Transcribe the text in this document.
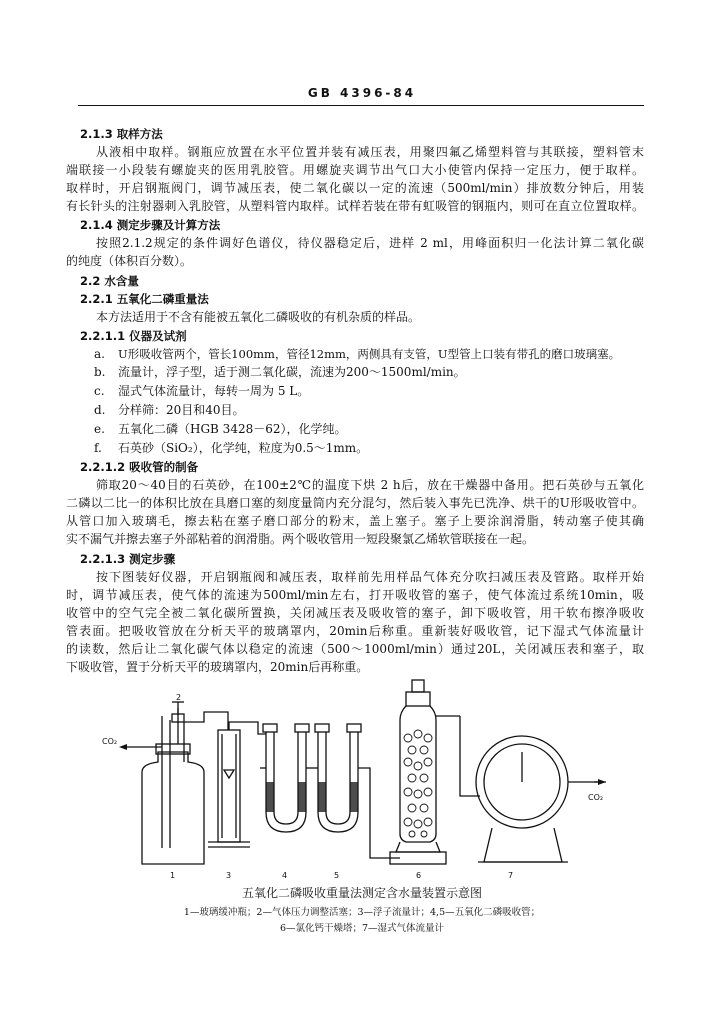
GB 4396-84
2.1.3 取样方法
从液相中取样。钢瓶应放置在水平位置并装有减压表，用聚四氟乙烯塑料管与其联接，塑料管末
端联接一小段装有螺旋夹的医用乳胶管。用螺旋夹调节出气口大小使管内保持一定压力，便于取样。
取样时，开启钢瓶阀门，调节减压表，使二氧化碳以一定的流速（500ml/min）排放数分钟后，用装
有长针头的注射器刺入乳胶管，从塑料管内取样。试样若装在带有虹吸管的钢瓶内，则可在直立位置取样。
2.1.4 测定步骤及计算方法
按照2.1.2规定的条件调好色谱仪，待仪器稳定后，进样 2 ml，用峰面积归一化法计算二氧化碳
的纯度（体积百分数）。
2.2 水含量
2.2.1 五氧化二磷重量法
本方法适用于不含有能被五氧化二磷吸收的有机杂质的样品。
2.2.1.1 仪器及试剂
a. U形吸收管两个，管长100mm，管径12mm，两侧具有支管，U型管上口装有带孔的磨口玻璃塞。
b. 流量计，浮子型，适于测二氧化碳，流速为200～1500ml/min。
c. 湿式气体流量计，每转一周为 5 L。
d. 分样筛：20目和40目。
e. 五氧化二磷（HGB 3428－62），化学纯。
f. 石英砂（SiO₂），化学纯，粒度为0.5～1mm。
2.2.1.2 吸收管的制备
筛取20～40目的石英砂，在100±2℃的温度下烘 2 h后，放在干燥器中备用。把石英砂与五氧化
二磷以二比一的体积比放在具磨口塞的刻度量筒内充分混匀，然后装入事先已洗净、烘干的U形吸收管中。
从管口加入玻璃毛，擦去粘在塞子磨口部分的粉末，盖上塞子。塞子上要涂润滑脂，转动塞子使其确
实不漏气并擦去塞子外部粘着的润滑脂。两个吸收管用一短段聚氯乙烯软管联接在一起。
2.2.1.3 测定步骤
按下图装好仪器，开启钢瓶阀和减压表，取样前先用样品气体充分吹扫减压表及管路。取样开始
时，调节减压表，使气体的流速为500ml/min左右，打开吸收管的塞子，使气体流过系统10min，吸
收管中的空气完全被二氧化碳所置换，关闭减压表及吸收管的塞子，卸下吸收管，用干软布擦净吸收
管表面。把吸收管放在分析天平的玻璃罩内，20min后称重。重新装好吸收管，记下湿式气体流量计
的读数，然后让二氧化碳气体以稳定的流速（500～1000ml/min）通过20L，关闭减压表和塞子，取
下吸收管，置于分析天平的玻璃罩内，20min后再称重。
CO₂
CO₂
2
1	3	4	5	6	7
五氧化二磷吸收重量法测定含水量装置示意图
1—玻璃缓冲瓶；2—气体压力调整活塞；3—浮子流量计；4,5—五氧化二磷吸收管；
6—氯化钙干燥塔；7—湿式气体流量计
